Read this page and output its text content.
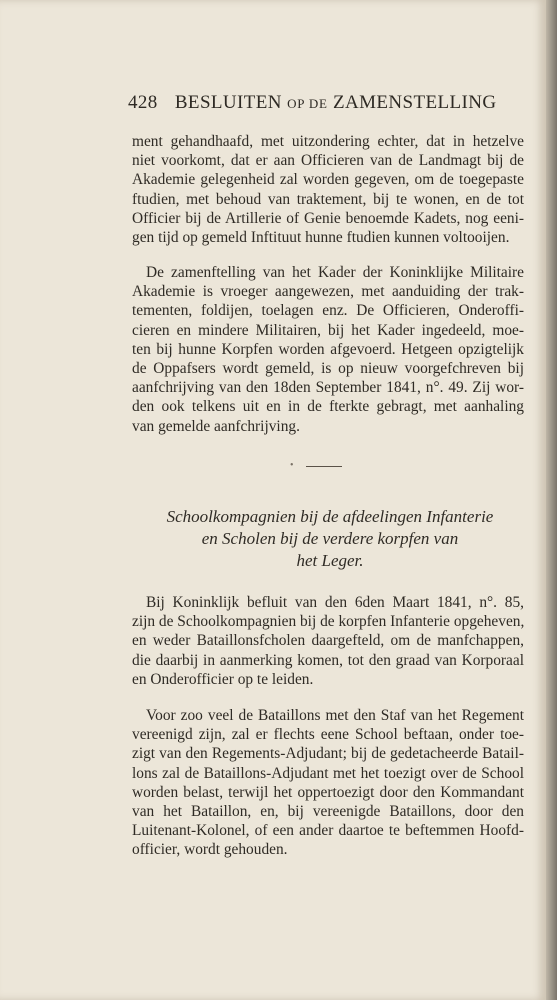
428 BESLUITEN OP DE ZAMENSTELLING
ment gehandhaafd, met uitzondering echter, dat in hetzelve
niet voorkomt, dat er aan Officieren van de Landmagt bij de
Akademie gelegenheid zal worden gegeven, om de toegepaste
ftudien, met behoud van traktement, bij te wonen, en de tot
Officier bij de Artillerie of Genie benoemde Kadets, nog eeni-
gen tijd op gemeld Inftituut hunne ftudien kunnen voltooijen.
De zamenftelling van het Kader der Koninklijke Militaire
Akademie is vroeger aangewezen, met aanduiding der trak-
tementen, foldijen, toelagen enz. De Officieren, Onderoffi-
cieren en mindere Militairen, bij het Kader ingedeeld, moe-
ten bij hunne Korpfen worden afgevoerd. Hetgeen opzigtelijk
de Oppafsers wordt gemeld, is op nieuw voorgefchreven bij
aanfchrijving van den 18den September 1841, n°. 49. Zij wor-
den ook telkens uit en in de fterkte gebragt, met aanhaling
van gemelde aanfchrijving.
•
Schoolkompagnien bij de afdeelingen Infanterie
en Scholen bij de verdere korpfen van
het Leger.
Bij Koninklijk befluit van den 6den Maart 1841, n°. 85,
zijn de Schoolkompagnien bij de korpfen Infanterie opgeheven,
en weder Bataillonsfcholen daargefteld, om de manfchappen,
die daarbij in aanmerking komen, tot den graad van Korporaal
en Onderofficier op te leiden.
Voor zoo veel de Bataillons met den Staf van het Regement
vereenigd zijn, zal er flechts eene School beftaan, onder toe-
zigt van den Regements-Adjudant; bij de gedetacheerde Batail-
lons zal de Bataillons-Adjudant met het toezigt over de School
worden belast, terwijl het oppertoezigt door den Kommandant
van het Bataillon, en, bij vereenigde Bataillons, door den
Luitenant-Kolonel, of een ander daartoe te beftemmen Hoofd-
officier, wordt gehouden.
